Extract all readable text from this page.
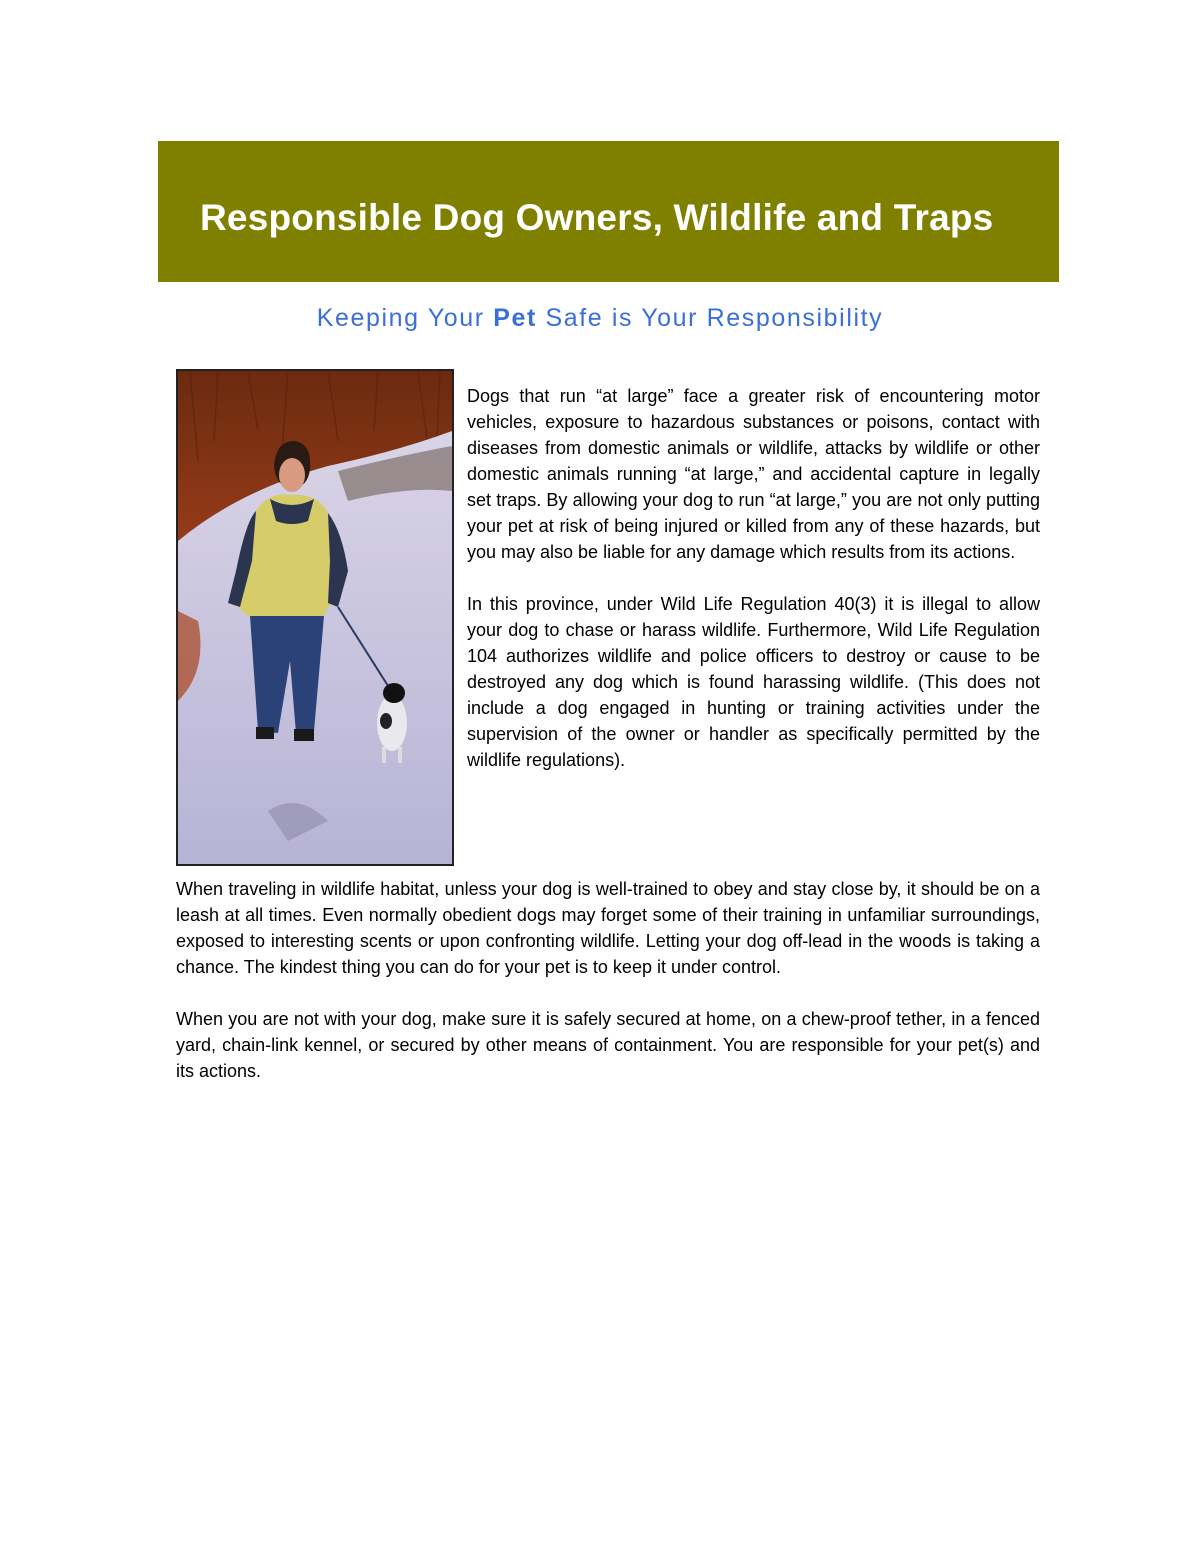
Responsible Dog Owners, Wildlife and Traps
Keeping Your Pet Safe is Your Responsibility

Dogs that run “at large” face a greater risk of encountering motor vehicles, exposure to hazardous substances or poisons, contact with diseases from domestic animals or wildlife, attacks by wildlife or other domestic animals running “at large,” and accidental capture in legally set traps. By allowing your dog to run “at large,” you are not only putting your pet at risk of being injured or killed from any of these hazards, but you may also be liable for any damage which results from its actions.

In this province, under Wild Life Regulation 40(3) it is illegal to allow your dog to chase or harass wildlife. Furthermore, Wild Life Regulation 104 authorizes wildlife and police officers to destroy or cause to be destroyed any dog which is found harassing wildlife. (This does not include a dog engaged in hunting or training activities under the supervision of the owner or handler as specifically permitted by the wildlife regulations).

When traveling in wildlife habitat, unless your dog is well-trained to obey and stay close by, it should be on a leash at all times. Even normally obedient dogs may forget some of their training in unfamiliar surroundings, exposed to interesting scents or upon confronting wildlife. Letting your dog off-lead in the woods is taking a chance. The kindest thing you can do for your pet is to keep it under control.

When you are not with your dog, make sure it is safely secured at home, on a chew-proof tether, in a fenced yard, chain-link kennel, or secured by other means of containment. You are responsible for your pet(s) and its actions.
